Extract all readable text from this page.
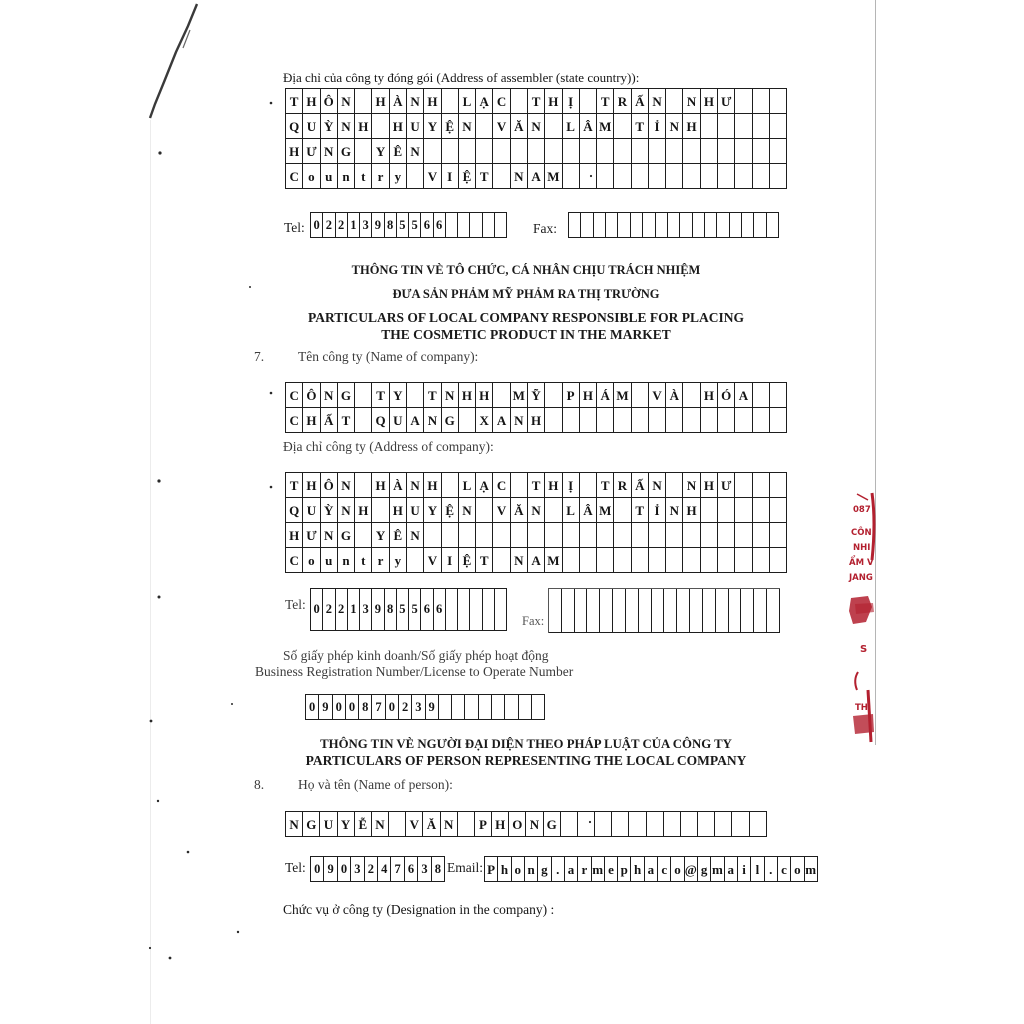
Địa chỉ của công ty đóng gói (Address of assembler (state country)):
T H Ô N	H À N H	L Ạ C	T H Ị	T R Ấ N	N H Ư
Q U Ỳ N H	H U Y Ệ N	V Ă N	L Â M T Ỉ N H
H Ư N G	Y Ê N
C o u n t r y	V I Ệ T	N A M
Tel: 0 2 2 1 3 9 8 5 5 6 6	Fax:
THÔNG TIN VÈ TÔ CHỨC, CÁ NHÂN CHỊU TRÁCH NHIỆM
ĐƯA SẢN PHẢM MỸ PHẢM RA THỊ TRƯỜNG
PARTICULARS OF LOCAL COMPANY RESPONSIBLE FOR PLACING
THE COSMETIC PRODUCT IN THE MARKET
7.	Tên công ty (Name of company):
C Ô N G	T Y	T N H H	M Ỹ	P H Á M V À	H Ó A
C H Ấ T	Q U A N G	X A N H
Địa chỉ công ty (Address of company):
T H Ô N	H À N H	L Ạ C	T H Ị	T R Ấ N	N H Ư
Q U Ỳ N H	H U Y Ệ N	V Ă N	L Â M T Ỉ N H
H Ư N G	Y Ê N
C o u n t r y	V I Ệ T	N A M
Tel: 0 2 2 1 3 9 8 5 5 6 6
Fax:
Số giấy phép kinh doanh/Số giấy phép hoạt động
Business Registration Number/License to Operate Number
0 9 0 0 8 7 0 2 3 9
THÔNG TIN VÈ NGƯỜI ĐẠI DIỆN THEO PHÁP LUẬT CỦA CÔNG TY
PARTICULARS OF PERSON REPRESENTING THE LOCAL COMPANY
8.	Họ và tên (Name of person):
N G U Y Ễ N	V Ă N	P H O N G
Tel: 0 9 0 3 2 4 7 6 3 8 Email: P h o n g . a r m e p h a c o @ g m a i l . c o m
Chức vụ ở công ty (Designation in the company) :
087
CÔN
NHI
ẨM V
JANG
S
TH
